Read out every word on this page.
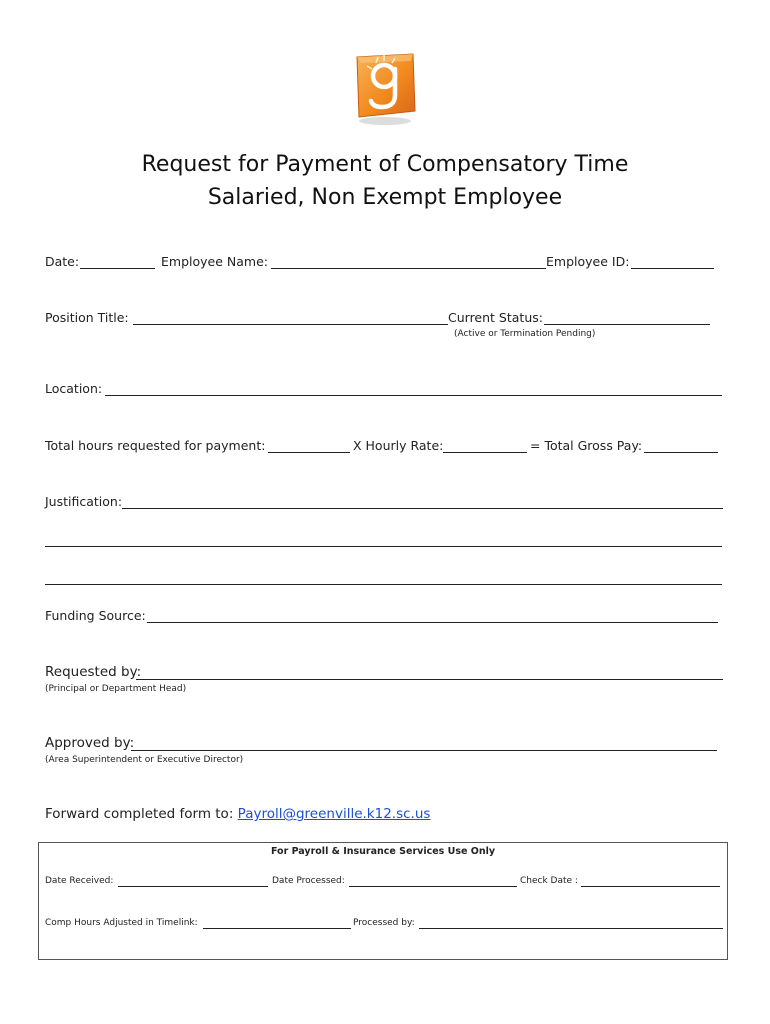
Request for Payment of Compensatory Time
Salaried, Non Exempt Employee
Date:	Employee Name:	Employee ID:
Position Title:	Current Status:
(Active or Termination Pending)
Location:
Total hours requested for payment:	X Hourly Rate:	= Total Gross Pay:
Justification:
Funding Source:
Requested by:
(Principal or Department Head)
Approved by:
(Area Superintendent or Executive Director)
Forward completed form to: Payroll@greenville.k12.sc.us
For Payroll & Insurance Services Use Only
Date Received:	Date Processed:	Check Date :
Comp Hours Adjusted in Timelink:	Processed by:
